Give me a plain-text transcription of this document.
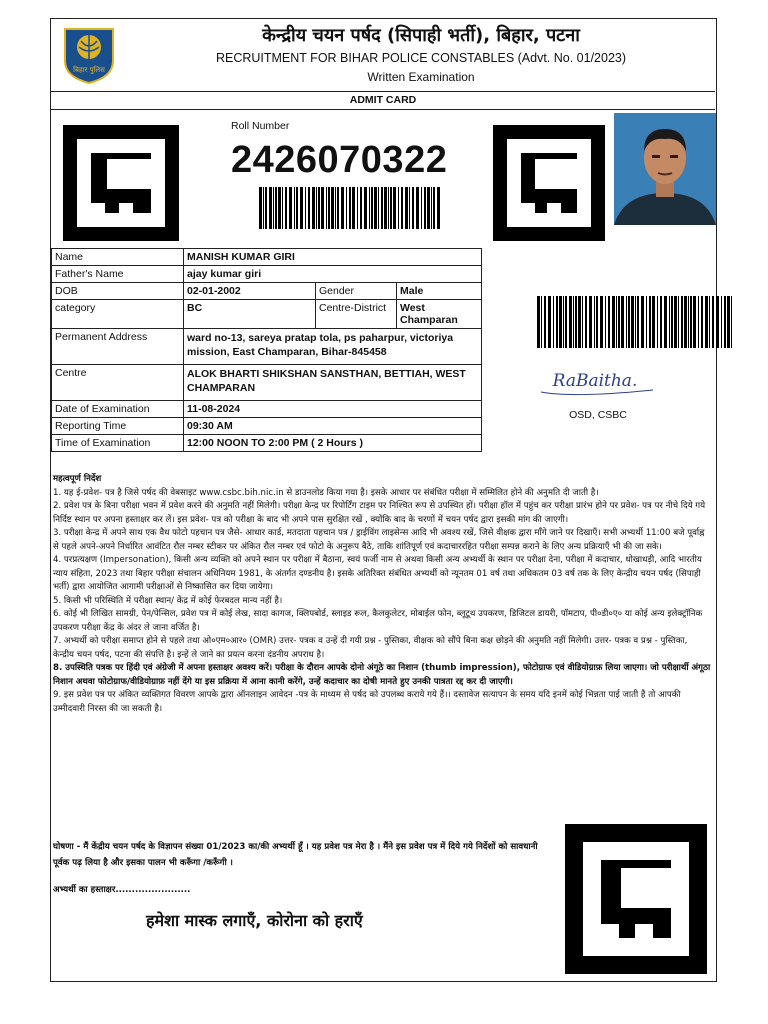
बिहार पुलिस
केन्द्रीय चयन पर्षद (सिपाही भर्ती), बिहार, पटना
RECRUITMENT FOR BIHAR POLICE CONSTABLES (Advt. No. 01/2023)
Written Examination
ADMIT CARD
Roll Number
2426070322
Name	MANISH KUMAR GIRI		
Father's Name	ajay kumar giri		
DOB	02-01-2002	Gender	Male
category	BC	Centre-District	West Champaran
Permanent Address	ward no-13, sareya pratap tola, ps paharpur, victoriya mission, East Champaran, Bihar-845458		
Centre	ALOK BHARTI SHIKSHAN SANSTHAN, BETTIAH, WEST CHAMPARAN		
Date of Examination	11-08-2024		
Reporting Time	09:30 AM		
Time of Examination	12:00 NOON TO 2:00 PM ( 2 Hours )		
RaBaitha.
OSD, CSBC

महत्वपूर्ण निर्देश

1. यह ई-प्रवेश- पत्र है जिसे पर्षद की वेबसाइट www.csbc.bih.nic.in से डाउनलोड किया गया है। इसके आधार पर संबंधित परीक्षा में सम्मिलित होने की अनुमति दी जाती है।

2. प्रवेश पत्र के बिना परीक्षा भवन में प्रवेश करने की अनुमति नहीं मिलेगी। परीक्षा केन्द्र पर रिपोर्टिंग टाइम पर निश्चित रूप से उपस्थित हों। परीक्षा हॉल में पहुंच कर परीक्षा प्रारंभ होने पर प्रवेश- पत्र पर नीचे दिये गये निर्दिष्ट स्थान पर अपना हस्ताक्षर कर लें। इस प्रवेश- पत्र को परीक्षा के बाद भी अपने पास सुरक्षित रखें , क्योंकि बाद के चरणों में चयन पर्षद द्वारा इसकी मांग की जाएगी।

3. परीक्षा केन्द्र में अपने साथ एक वैध फोटो पहचान पत्र जैसे- आधार कार्ड, मतदाता पहचान पत्र / ड्राईविंग लाइसेन्स आदि भी अवश्य रखें, जिसे वीक्षक द्वारा माँगे जाने पर दिखाएँ। सभी अभ्यर्थी 11:00 बजे पूर्वाह्न से पहले अपने-अपने निर्धारित आवंटित रौल नम्बर स्टीकर पर अंकित रौल नम्बर एवं फोटो के अनुरूप बैठे, ताकि शांतिपूर्ण एवं कदाचाररहित परीक्षा सम्पन्न कराने के लिए अन्य प्रक्रियाएँ भी की जा सके।

4. परप्रत्यक्षण (Impersonation), किसी अन्य व्यक्ति को अपने स्थान पर परीक्षा में बैठाना, स्वयं फर्जी नाम से अथवा किसी अन्य अभ्यर्थी के स्थान पर परीक्षा देना, परीक्षा में कदाचार, धोखाधड़ी, आदि भारतीय न्याय संहिता, 2023 तथा बिहार परीक्षा संचालन अधिनियम 1981, के अंतर्गत दण्डनीय है। इसके अतिरिक्त संबंधित अभ्यर्थी को न्यूनतम 01 वर्ष तथा अधिकतम 03 वर्ष तक के लिए केन्द्रीय चयन पर्षद (सिपाही भर्ती) द्वारा आयोजित आगामी परीक्षाओं से निष्कासित कर दिया जायेगा।

5. किसी भी परिस्थिति में परीक्षा स्थान/ केंद्र में कोई फेरबदल मान्य नहीं है।

6. कोई भी लिखित सामग्री, पेन/पेन्सिल, प्रवेश पत्र में कोई लेख, सादा कागज, क्लिपबोर्ड, स्लाइड रूल, कैलकुलेटर, मोबाईल फोन, ब्लूटूथ उपकरण, डिजिटल डायरी, पॉमटाप, पी०डी०ए० या कोई अन्य इलेक्ट्रॉनिक उपकरण परीक्षा केंद्र के अंदर ले जाना वर्जित है।

7. अभ्यर्थी को परीक्षा समाप्त होने से पहले तथा ओ०एम०आर० (OMR) उत्तर- पत्रक व उन्हें दी गयी प्रश्न - पुस्तिका, वीक्षक को सौंपे बिना कक्ष छोड़ने की अनुमति नहीं मिलेगी। उत्तर- पत्रक व प्रश्न - पुस्तिका, केन्द्रीय चयन पर्षद, पटना की संपत्ति है। इन्हें ले जाने का प्रयत्न करना दंडनीय अपराध है।

8. उपस्थिति पत्रक पर हिंदी एवं अंग्रेजी में अपना हस्ताक्षर अवश्य करें। परीक्षा के दौरान आपके दोनो अंगूठे का निशान (thumb impression), फोटोग्राफ एवं वीडियोग्राफ़ लिया जाएगा। जो परीक्षार्थी अंगूठा निशान अथवा फोटोग्राफ/वीडियोग्राफ़ नहीं देंगे या इस प्रक्रिया में आना कानी करेंगे, उन्हें कदाचार का दोषी मानते हुए उनकी पात्रता रद्द कर दी जाएगी।

9. इस प्रवेश पत्र पर अंकित व्यक्तिगत विवरण आपके द्वारा ऑनलाइन आवेदन -पत्र के माध्यम से पर्षद को उपलब्ध कराये गये हैं।। दस्तावेज सत्यापन के समय यदि इनमें कोई भिन्नता पाई जाती है तो आपकी उम्मीदवारी निरस्त की जा सकती है।

घोषणा - मैं केंद्रीय चयन पर्षद के विज्ञापन संख्या 01/2023 का/की अभ्यर्थी हूँ । यह प्रवेश पत्र मेरा है । मैंने इस प्रवेश पत्र में दिये गये निर्देशों को सावधानी पूर्वक पढ़ लिया है और इसका पालन भी करूँगा /करूँगी ।
अभ्यर्थी का हस्ताक्षर.......................
हमेशा मास्क लगाएँ, कोरोना को हराएँ
